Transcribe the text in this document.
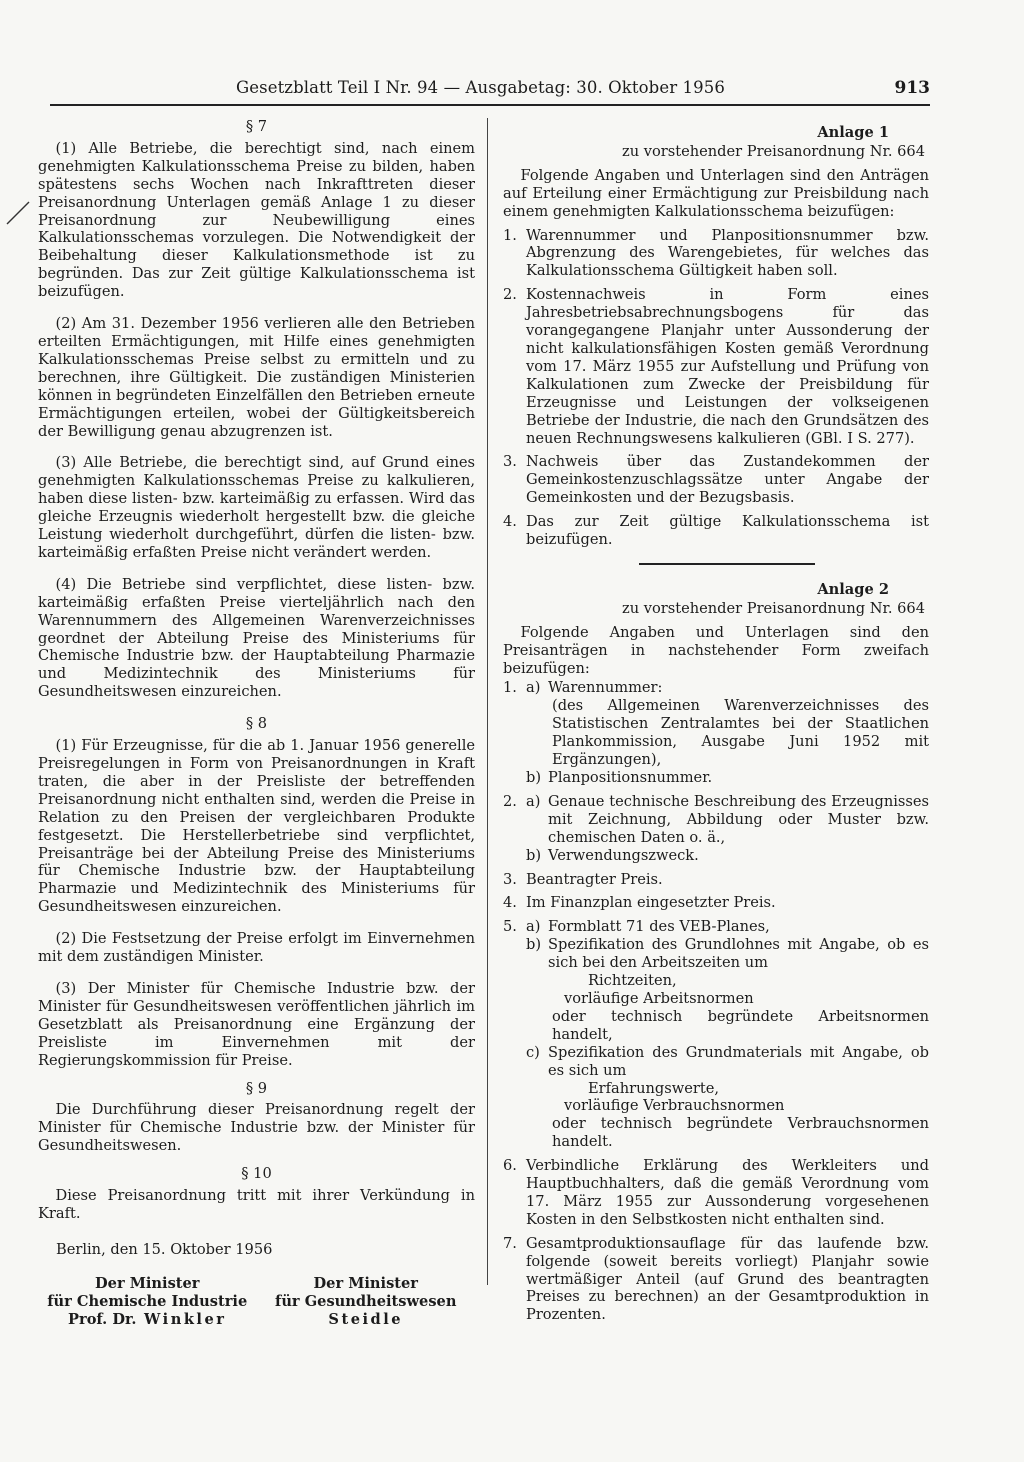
Gesetzblatt Teil I Nr. 94 — Ausgabetag: 30. Oktober 1956	913
§ 7

(1) Alle Betriebe, die berechtigt sind, nach einem genehmigten Kalkulationsschema Preise zu bilden, haben spätestens sechs Wochen nach Inkrafttreten dieser Preisanordnung Unterlagen gemäß Anlage 1 zu dieser Preisanordnung zur Neubewilligung eines Kalkulationsschemas vorzulegen. Die Notwendigkeit der Beibehaltung dieser Kalkulationsmethode ist zu begründen. Das zur Zeit gültige Kalkulationsschema ist beizufügen.

(2) Am 31. Dezember 1956 verlieren alle den Betrieben erteilten Ermächtigungen, mit Hilfe eines genehmigten Kalkulationsschemas Preise selbst zu ermitteln und zu berechnen, ihre Gültigkeit. Die zuständigen Ministerien können in begründeten Einzelfällen den Betrieben erneute Ermächtigungen erteilen, wobei der Gültigkeitsbereich der Bewilligung genau abzugrenzen ist.

(3) Alle Betriebe, die berechtigt sind, auf Grund eines genehmigten Kalkulationsschemas Preise zu kalkulieren, haben diese listen- bzw. karteimäßig zu erfassen. Wird das gleiche Erzeugnis wiederholt hergestellt bzw. die gleiche Leistung wiederholt durchgeführt, dürfen die listen- bzw. karteimäßig erfaßten Preise nicht verändert werden.

(4) Die Betriebe sind verpflichtet, diese listen- bzw. karteimäßig erfaßten Preise vierteljährlich nach den Warennummern des Allgemeinen Warenverzeichnisses geordnet der Abteilung Preise des Ministeriums für Chemische Industrie bzw. der Hauptabteilung Pharmazie und Medizintechnik des Ministeriums für Gesundheitswesen einzureichen.

§ 8

(1) Für Erzeugnisse, für die ab 1. Januar 1956 generelle Preisregelungen in Form von Preisanordnungen in Kraft traten, die aber in der Preisliste der betreffenden Preisanordnung nicht enthalten sind, werden die Preise in Relation zu den Preisen der vergleichbaren Produkte festgesetzt. Die Herstellerbetriebe sind verpflichtet, Preisanträge bei der Abteilung Preise des Ministeriums für Chemische Industrie bzw. der Hauptabteilung Pharmazie und Medizintechnik des Ministeriums für Gesundheitswesen einzureichen.

(2) Die Festsetzung der Preise erfolgt im Einvernehmen mit dem zuständigen Minister.

(3) Der Minister für Chemische Industrie bzw. der Minister für Gesundheitswesen veröffentlichen jährlich im Gesetzblatt als Preisanordnung eine Ergänzung der Preisliste im Einvernehmen mit der Regierungskommission für Preise.

§ 9

Die Durchführung dieser Preisanordnung regelt der Minister für Chemische Industrie bzw. der Minister für Gesundheitswesen.

§ 10

Diese Preisanordnung tritt mit ihrer Verkündung in Kraft.

Berlin, den 15. Oktober 1956
Der Minister
für Chemische Industrie
Prof. Dr. Winkler
Der Minister
für Gesundheitswesen
Steidle
Anlage 1
zu vorstehender Preisanordnung Nr. 664

Folgende Angaben und Unterlagen sind den Anträgen auf Erteilung einer Ermächtigung zur Preisbildung nach einem genehmigten Kalkulationsschema beizufügen:

1. Warennummer und Planpositionsnummer bzw. Abgrenzung des Warengebietes, für welches das Kalkulationsschema Gültigkeit haben soll.
2. Kostennachweis in Form eines Jahresbetriebsabrechnungsbogens für das vorangegangene Planjahr unter Aussonderung der nicht kalkulationsfähigen Kosten gemäß Verordnung vom 17. März 1955 zur Aufstellung und Prüfung von Kalkulationen zum Zwecke der Preisbildung für Erzeugnisse und Leistungen der volkseigenen Betriebe der Industrie, die nach den Grundsätzen des neuen Rechnungswesens kalkulieren (GBl. I S. 277).
3. Nachweis über das Zustandekommen der Gemeinkostenzuschlagssätze unter Angabe der Gemeinkosten und der Bezugsbasis.
4. Das zur Zeit gültige Kalkulationsschema ist beizufügen.
Anlage 2
zu vorstehender Preisanordnung Nr. 664

Folgende Angaben und Unterlagen sind den Preisanträgen in nachstehender Form zweifach beizufügen:

1. a) Warennummer:
(des Allgemeinen Warenverzeichnisses des Statistischen Zentralamtes bei der Staatlichen Plankommission, Ausgabe Juni 1952 mit Ergänzungen),
b) Planpositionsnummer.
2. a) Genaue technische Beschreibung des Erzeugnisses mit Zeichnung, Abbildung oder Muster bzw. chemischen Daten o. ä.,
b) Verwendungszweck.
3. Beantragter Preis.
4. Im Finanzplan eingesetzter Preis.
5. a) Formblatt 71 des VEB-Planes,
b) Spezifikation des Grundlohnes mit Angabe, ob es sich bei den Arbeitszeiten um
Richtzeiten,
vorläufige Arbeitsnormen
oder technisch begründete Arbeitsnormen handelt,
c) Spezifikation des Grundmaterials mit Angabe, ob es sich um
Erfahrungswerte,
vorläufige Verbrauchsnormen
oder technisch begründete Verbrauchsnormen handelt.
6. Verbindliche Erklärung des Werkleiters und Hauptbuchhalters, daß die gemäß Verordnung vom 17. März 1955 zur Aussonderung vorgesehenen Kosten in den Selbstkosten nicht enthalten sind.
7. Gesamtproduktionsauflage für das laufende bzw. folgende (soweit bereits vorliegt) Planjahr sowie wertmäßiger Anteil (auf Grund des beantragten Preises zu berechnen) an der Gesamtproduktion in Prozenten.
